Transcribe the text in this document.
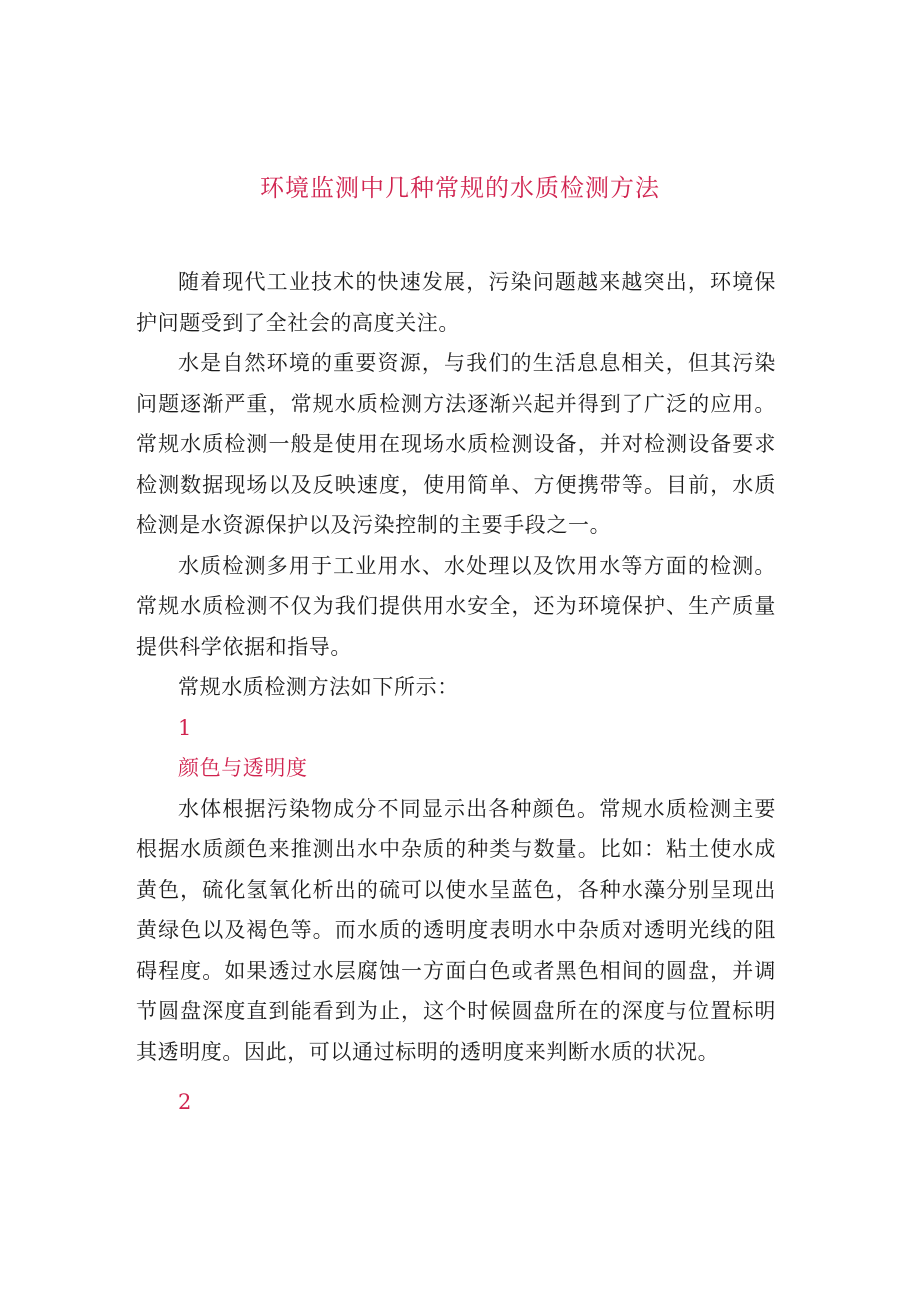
环境监测中几种常规的水质检测方法

随着现代工业技术的快速发展，污染问题越来越突出，环境保护问题受到了全社会的高度关注。

水是自然环境的重要资源，与我们的生活息息相关，但其污染问题逐渐严重，常规水质检测方法逐渐兴起并得到了广泛的应用。常规水质检测一般是使用在现场水质检测设备，并对检测设备要求检测数据现场以及反映速度，使用简单、方便携带等。目前，水质检测是水资源保护以及污染控制的主要手段之一。

水质检测多用于工业用水、水处理以及饮用水等方面的检测。常规水质检测不仅为我们提供用水安全，还为环境保护、生产质量提供科学依据和指导。

常规水质检测方法如下所示：

1

颜色与透明度

水体根据污染物成分不同显示出各种颜色。常规水质检测主要根据水质颜色来推测出水中杂质的种类与数量。比如：粘土使水成黄色，硫化氢氧化析出的硫可以使水呈蓝色，各种水藻分别呈现出黄绿色以及褐色等。而水质的透明度表明水中杂质对透明光线的阻碍程度。如果透过水层腐蚀一方面白色或者黑色相间的圆盘，并调节圆盘深度直到能看到为止，这个时候圆盘所在的深度与位置标明其透明度。因此，可以通过标明的透明度来判断水质的状况。

2
